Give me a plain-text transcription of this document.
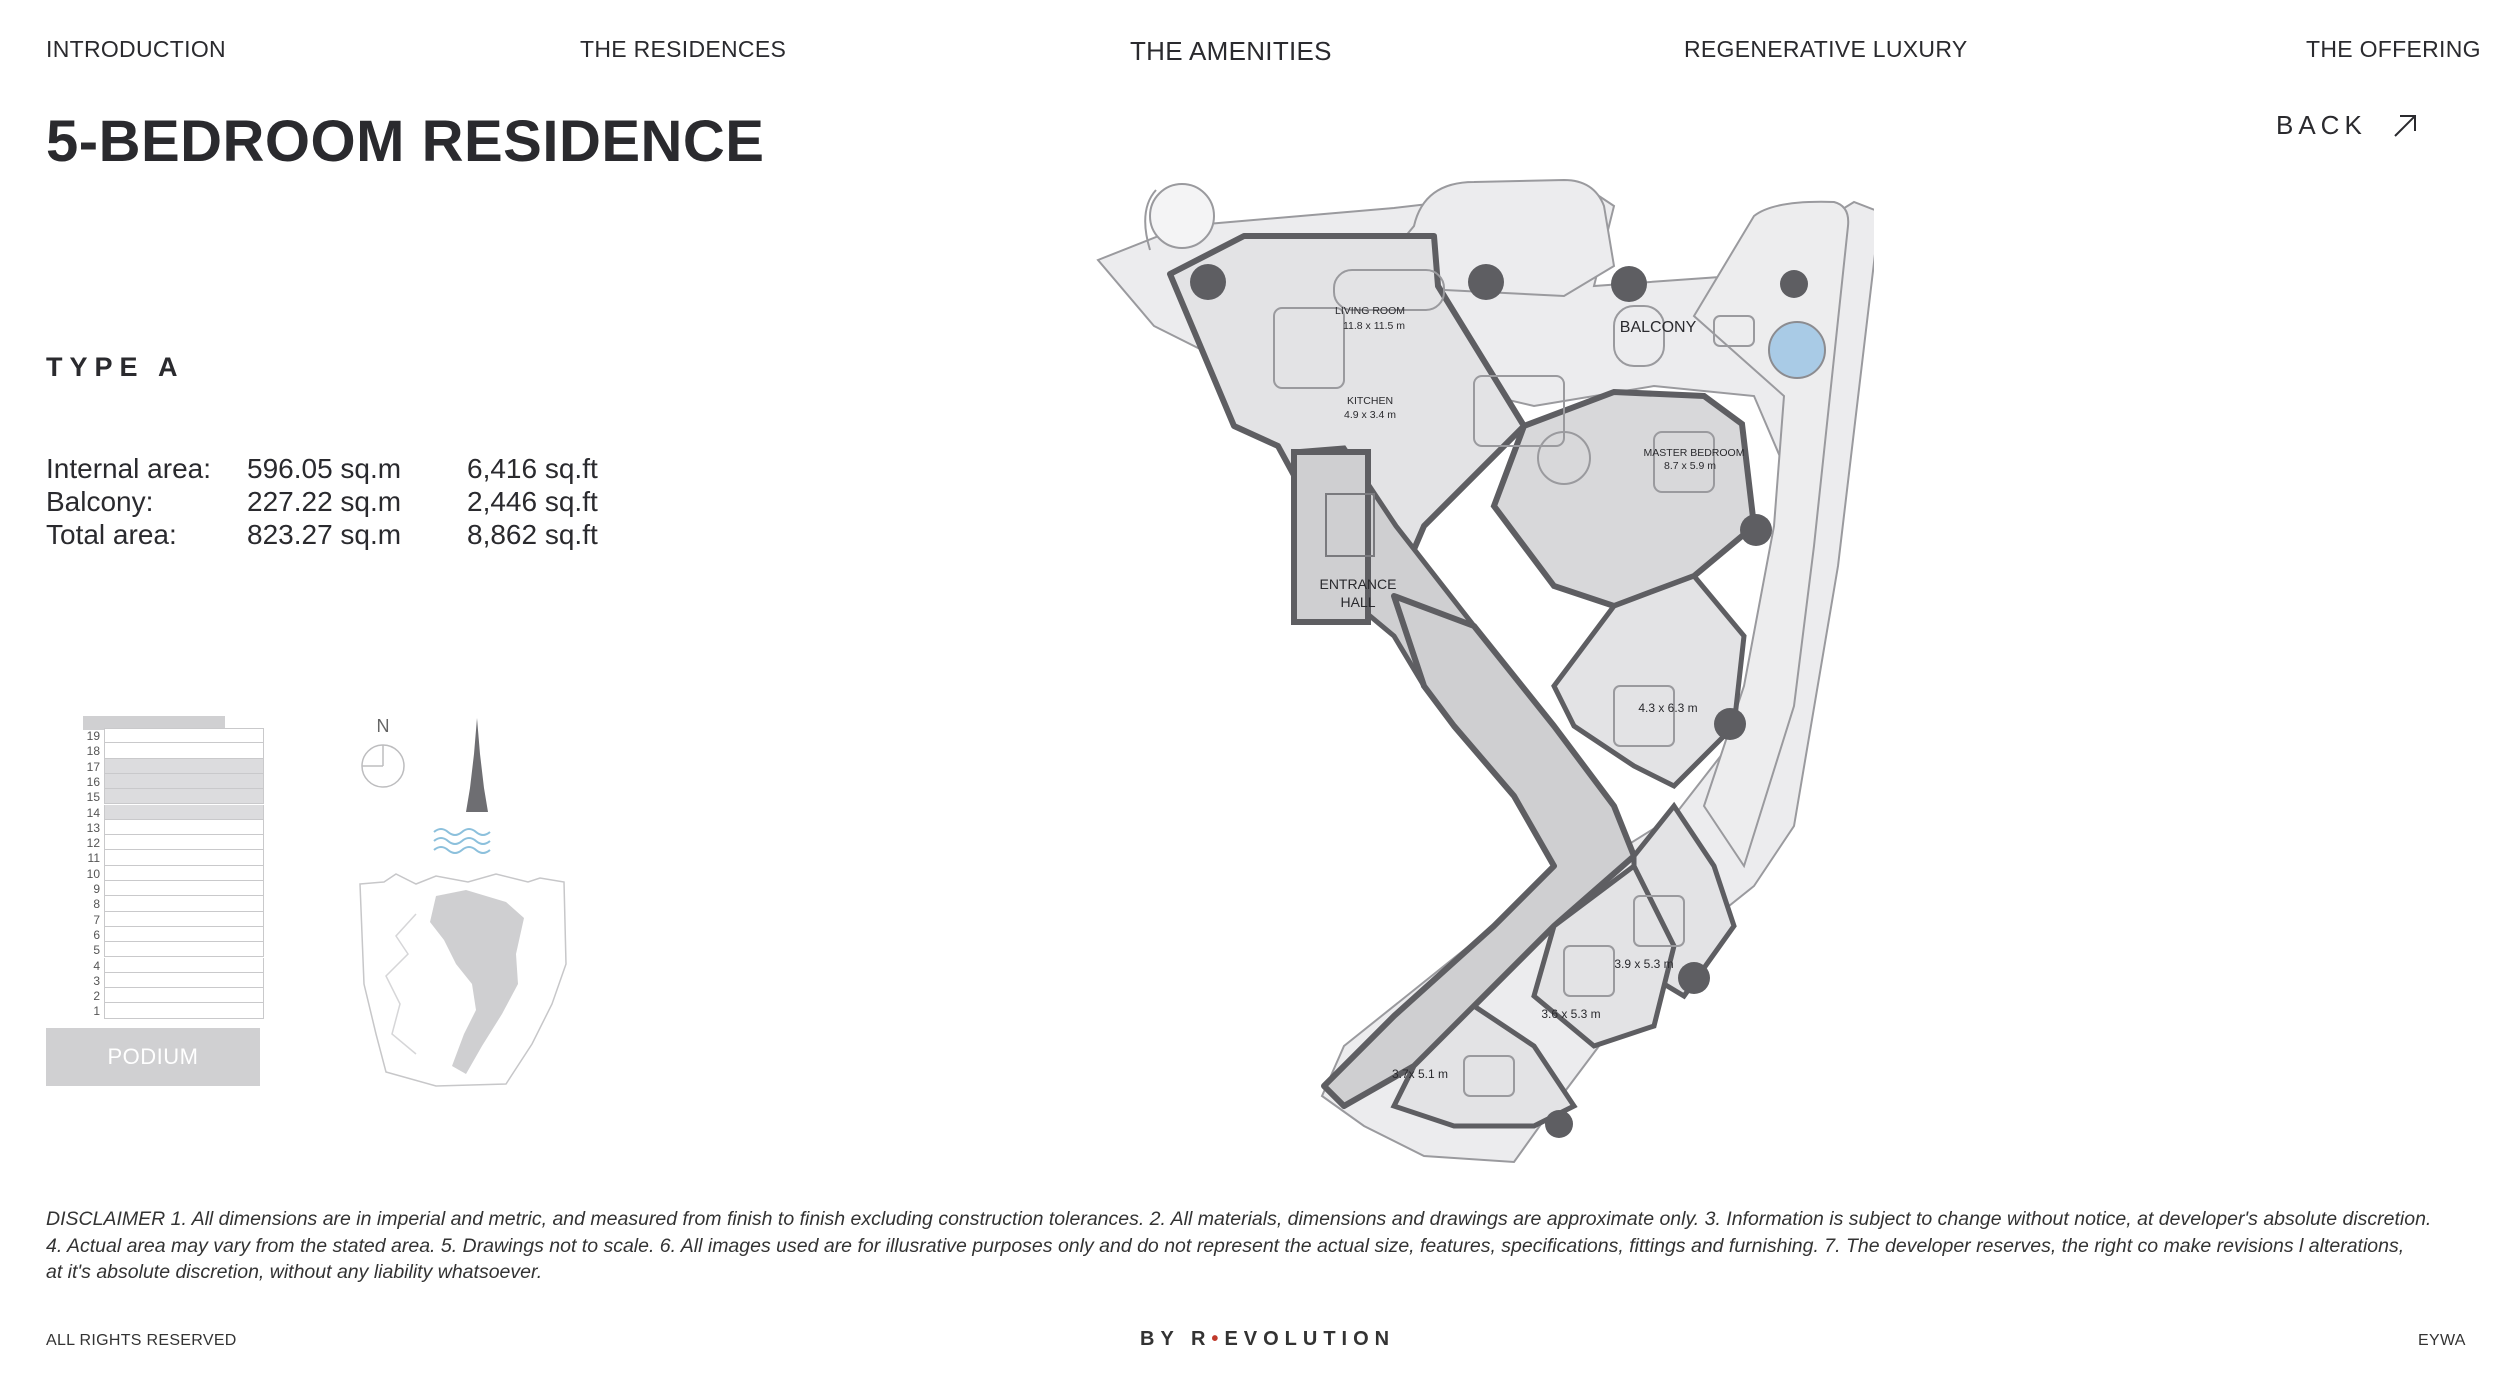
INTRODUCTION	THE RESIDENCES	THE AMENITIES	REGENERATIVE LUXURY	THE OFFERING
5-BEDROOM RESIDENCE	BACK
TYPE A
Internal area:	596.05 sq.m	6,416 sq.ft
Balcony:	227.22 sq.m	2,446 sq.ft
Total area:	823.27 sq.m	8,862 sq.ft
19
18
17
16
15
14
13
12
11
10
9
8
7
6
5
4
3
2
1
PODIUM
N
LIVING ROOM
11.8 x 11.5 m
KITCHEN
4.9 x 3.4 m
BALCONY
MASTER BEDROOM
8.7 x 5.9 m
ENTRANCE
HALL
4.3 x 6.3 m
3.9 x 5.3 m
3.6 x 5.3 m
3.7x 5.1 m
DISCLAIMER 1. All dimensions are in imperial and metric, and measured from finish to finish excluding construction tolerances. 2. All materials, dimensions and drawings are approximate only. 3. Information is subject to change without notice, at developer's absolute discretion.
4. Actual area may vary from the stated area. 5. Drawings not to scale. 6. All images used are for illusrative purposes only and do not represent the actual size, features, specifications, fittings and furnishing. 7. The developer reserves, the right co make revisions l alterations,
at it's absolute discretion, without any liability whatsoever.
ALL RIGHTS RESERVED	BY R•EVOLUTION	EYWA
